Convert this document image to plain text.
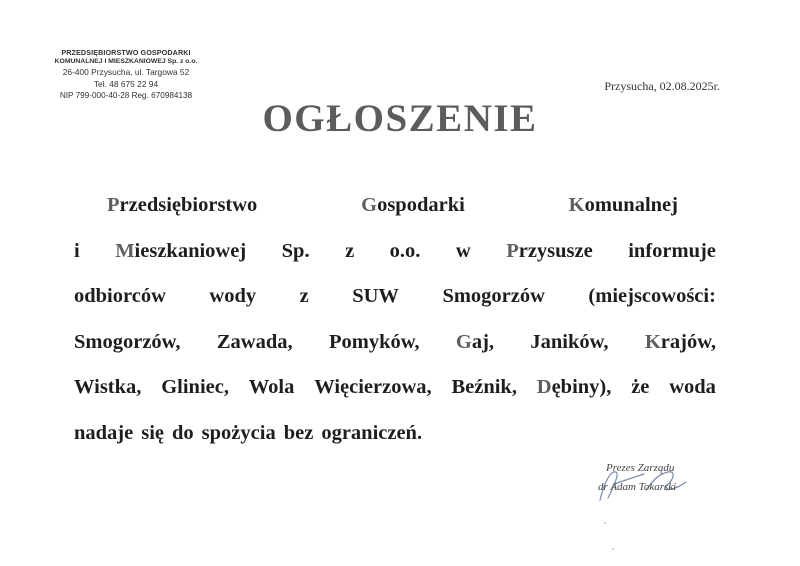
PRZEDSIĘBIORSTWO GOSPODARKI
KOMUNALNEJ I MIESZKANIOWEJ Sp. z o.o.
26-400 Przysucha, ul. Targowa 52
Tel. 48 675 22 94
NIP 799-000-40-28 Reg. 670984138
Przysucha, 02.08.2025r.
OGŁOSZENIE
Przedsiębiorstwo	Gospodarki	Komunalnej
i Mieszkaniowej Sp. z o.o. w Przysusze informuje
odbiorców wody z SUW Smogorzów (miejscowości:
Smogorzów, Zawada, Pomyków, Gaj, Janików, Krajów,
Wistka, Gliniec, Wola Więcierzowa, Beźnik, Dębiny), że woda
nadaje się do spożycia bez ograniczeń.
Prezes Zarządu
dr Adam Tokarski
